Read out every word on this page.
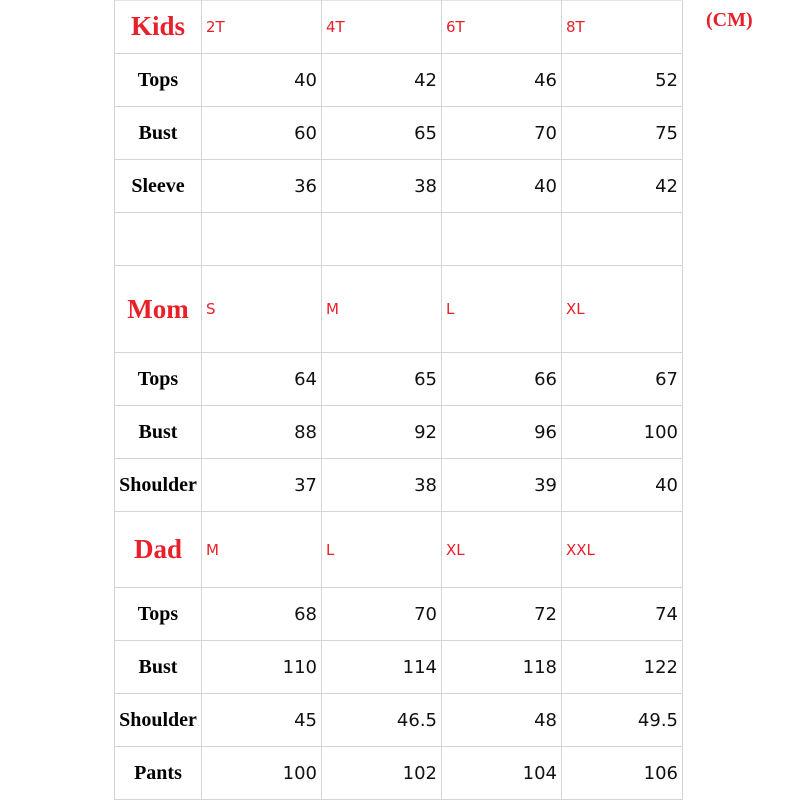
Kids	2T	4T	6T	8T
Tops	40	42	46	52
Bust	60	65	70	75
Sleeve	36	38	40	42
Mom	S	M	L	XL
Tops	64	65	66	67
Bust	88	92	96	100
Shoulder	37	38	39	40
Dad	M	L	XL	XXL
Tops	68	70	72	74
Bust	110	114	118	122
Shoulder	45	46.5	48	49.5
Pants	100	102	104	106
(CM)
